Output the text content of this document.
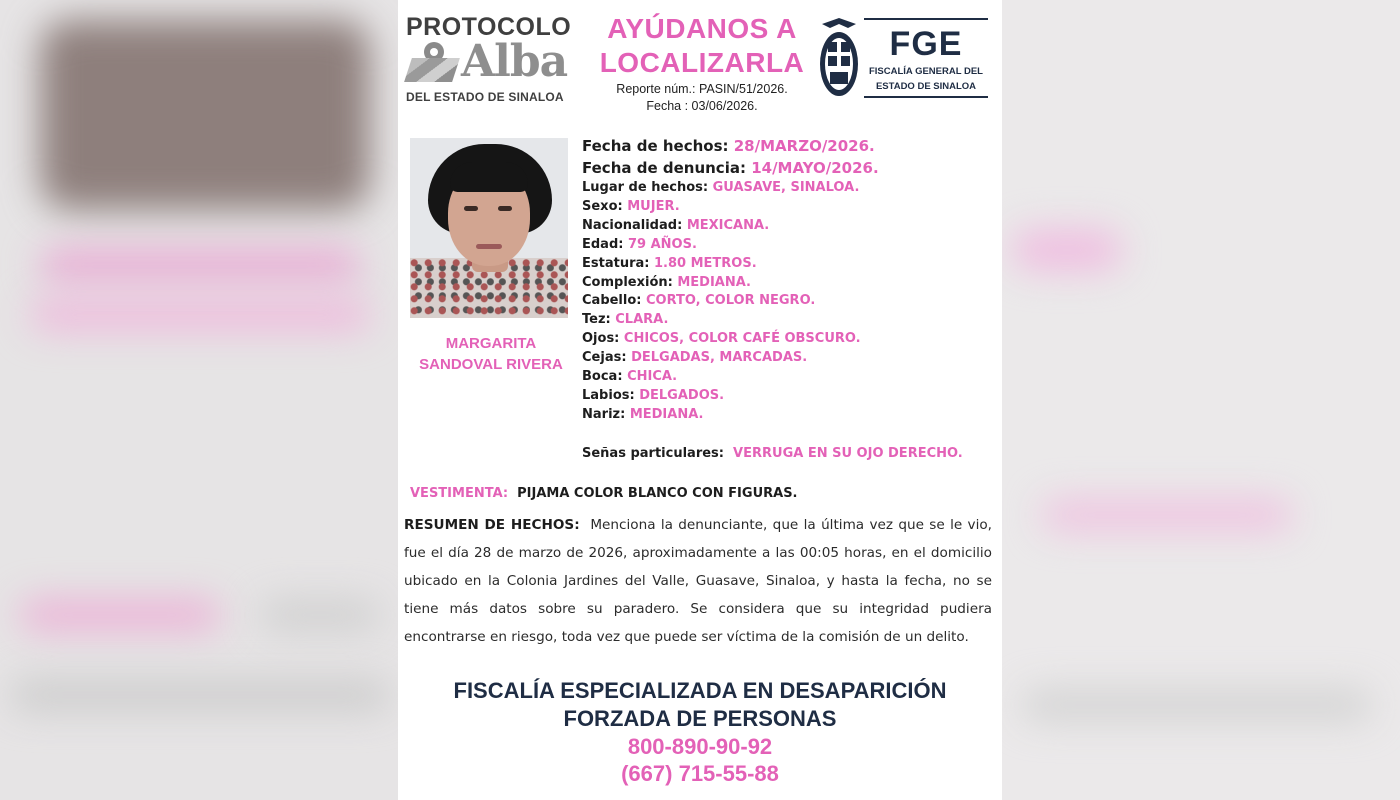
PROTOCOLO
Alba
DEL ESTADO DE SINALOA
AYÚDANOS A
LOCALIZARLA
Reporte núm.: PASIN/51/2026.
Fecha : 03/06/2026.
FGE
FISCALÍA GENERAL DEL
ESTADO DE SINALOA
MARGARITA
SANDOVAL RIVERA
Fecha de hechos: 28/MARZO/2026.
Fecha de denuncia: 14/MAYO/2026.
Lugar de hechos: GUASAVE, SINALOA.
Sexo: MUJER.
Nacionalidad: MEXICANA.
Edad: 79 AÑOS.
Estatura: 1.80 METROS.
Complexión: MEDIANA.
Cabello: CORTO, COLOR NEGRO.
Tez: CLARA.
Ojos: CHICOS, COLOR CAFÉ OBSCURO.
Cejas: DELGADAS, MARCADAS.
Boca: CHICA.
Labios: DELGADOS.
Nariz: MEDIANA.
Señas particulares: VERRUGA EN SU OJO DERECHO.
VESTIMENTA: PIJAMA COLOR BLANCO CON FIGURAS.
RESUMEN DE HECHOS: Menciona la denunciante, que la última vez que se le vio, fue el día 28 de marzo de 2026, aproximadamente a las 00:05 horas, en el domicilio ubicado en la Colonia Jardines del Valle, Guasave, Sinaloa, y hasta la fecha, no se tiene más datos sobre su paradero. Se considera que su integridad pudiera encontrarse en riesgo, toda vez que puede ser víctima de la comisión de un delito.
FISCALÍA ESPECIALIZADA EN DESAPARICIÓN
FORZADA DE PERSONAS
800-890-90-92
(667) 715-55-88
